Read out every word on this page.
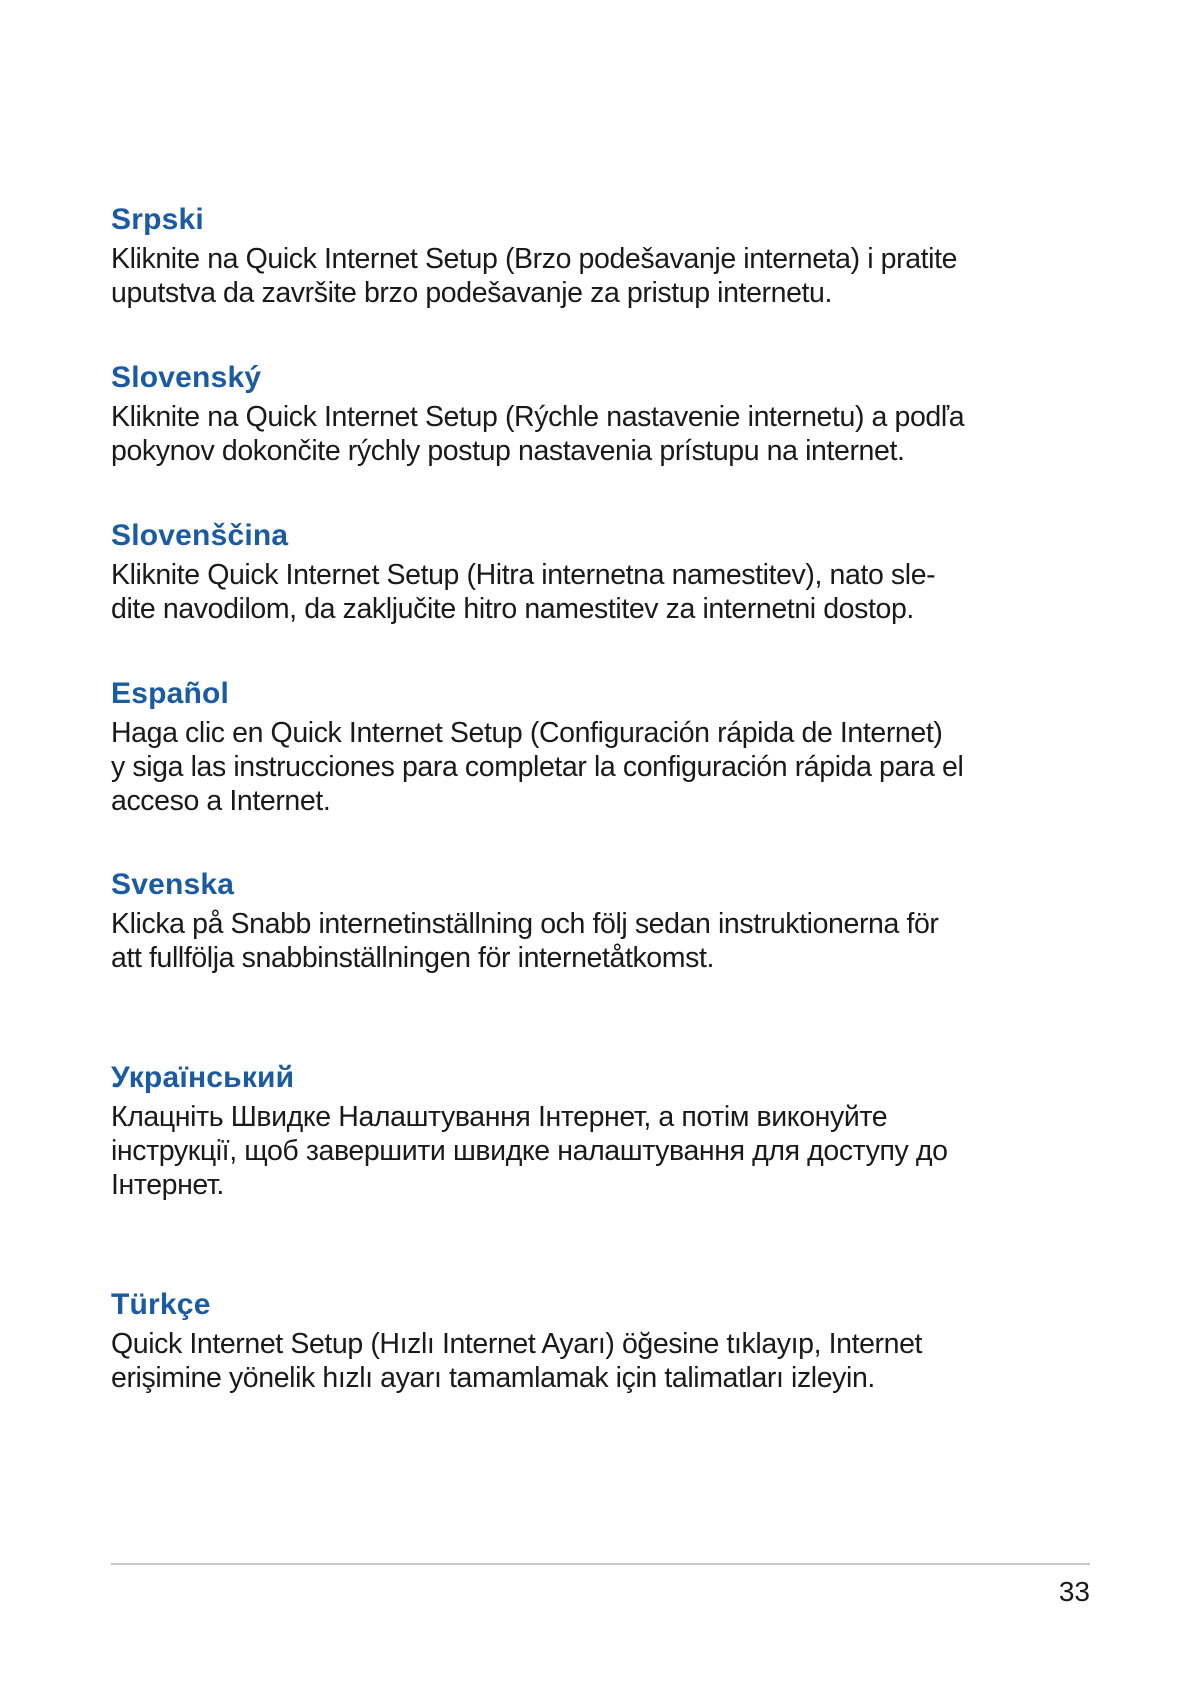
Srpski

Kliknite na Quick Internet Setup (Brzo podešavanje interneta) i pratite
uputstva da završite brzo podešavanje za pristup internetu.

Slovenský

Kliknite na Quick Internet Setup (Rýchle nastavenie internetu) a podľa
pokynov dokončite rýchly postup nastavenia prístupu na internet.

Slovenščina

Kliknite Quick Internet Setup (Hitra internetna namestitev), nato sle-
dite navodilom, da zaključite hitro namestitev za internetni dostop.

Español

Haga clic en Quick Internet Setup (Configuración rápida de Internet)
y siga las instrucciones para completar la configuración rápida para el
acceso a Internet.

Svenska

Klicka på Snabb internetinställning och följ sedan instruktionerna för
att fullfölja snabbinställningen för internetåtkomst.

Український

Клацніть Швидке Налаштування Інтернет, а потім виконуйте
інструкції, щоб завершити швидке налаштування для доступу до
Інтернет.

Türkçe

Quick Internet Setup (Hızlı Internet Ayarı) öğesine tıklayıp, Internet
erişimine yönelik hızlı ayarı tamamlamak için talimatları izleyin.

33
